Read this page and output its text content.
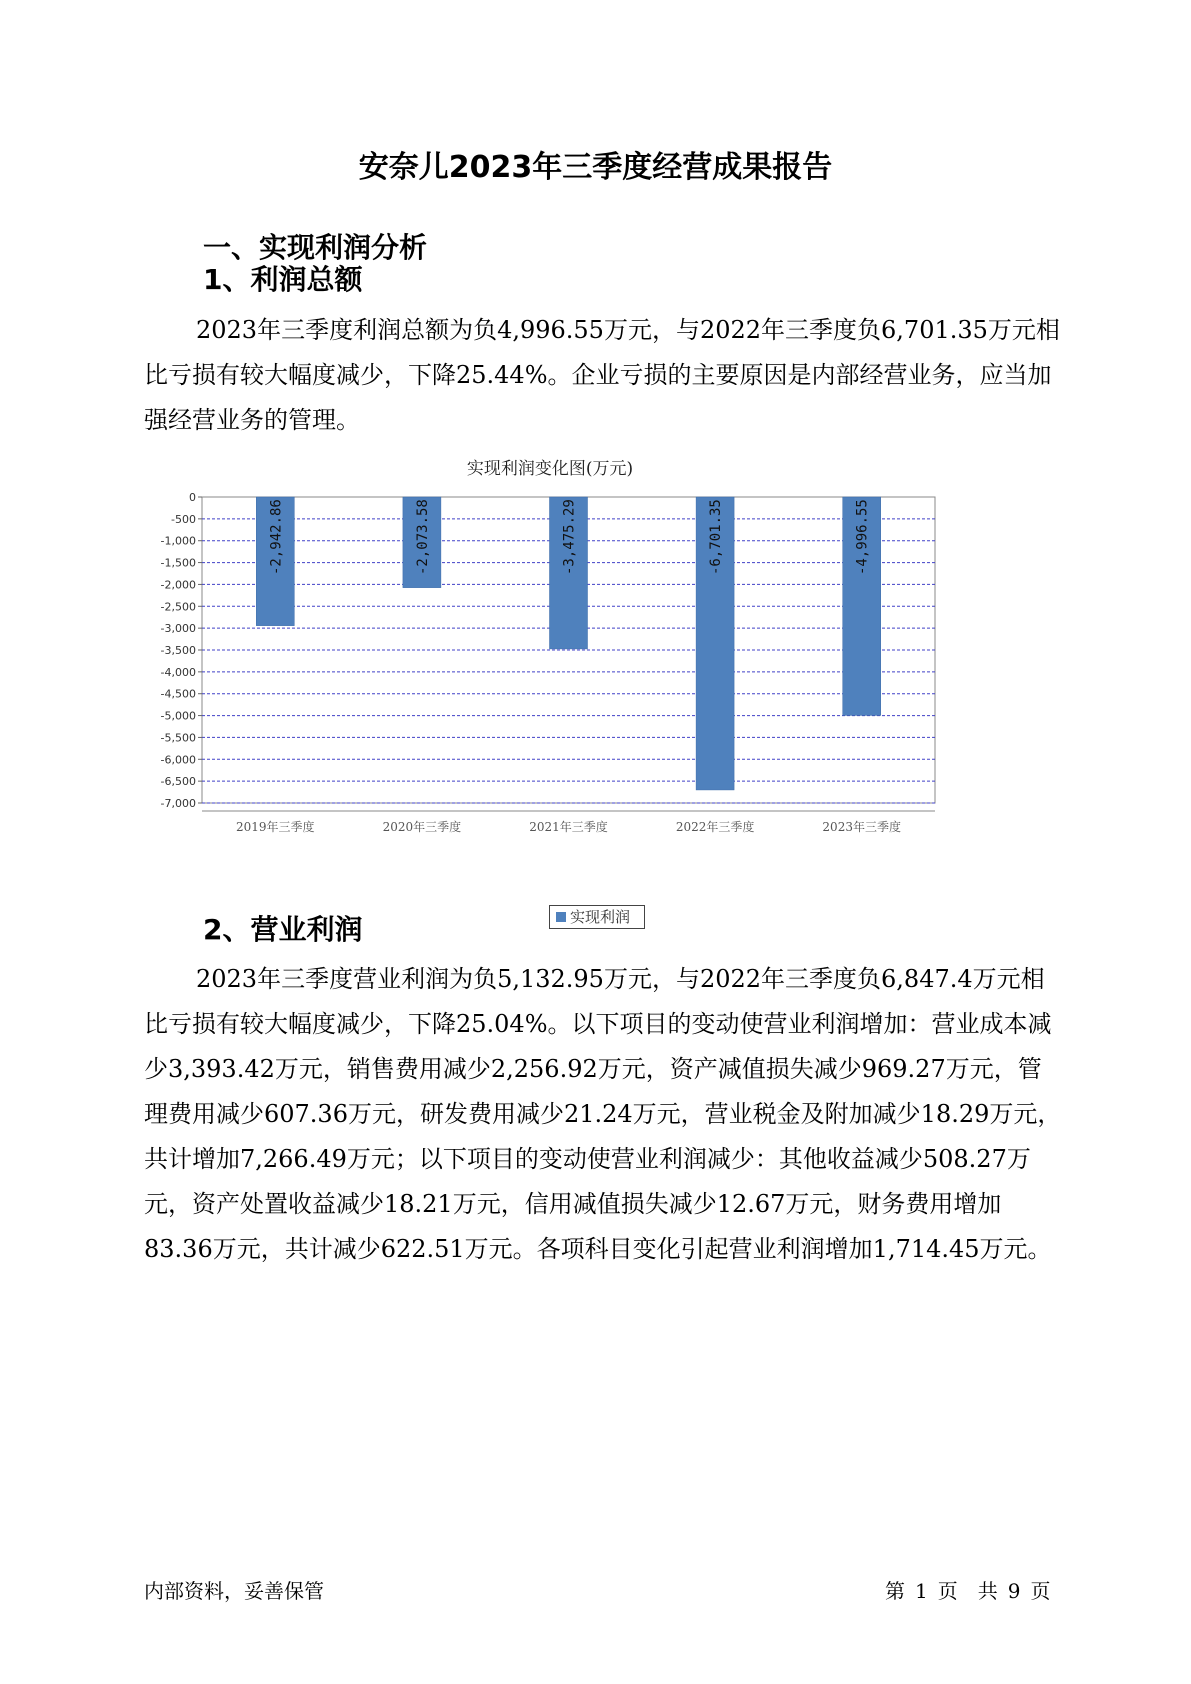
安奈儿2023年三季度经营成果报告
一、实现利润分析
1、利润总额
2023年三季度利润总额为负4,996.55万元，与2022年三季度负6,701.35万元相比亏损有较大幅度减少，下降25.44%。企业亏损的主要原因是内部经营业务，应当加强经营业务的管理。
实现利润变化图(万元)
0
-500
-1,000
-1,500
-2,000
-2,500
-3,000
-3,500
-4,000
-4,500
-5,000
-5,500
-6,000
-6,500
-7,000
-2,942.86
2019年三季度
-2,073.58
2020年三季度
-3,475.29
2021年三季度
-6,701.35
2022年三季度
-4,996.55
2023年三季度
实现利润
2、营业利润
2023年三季度营业利润为负5,132.95万元，与2022年三季度负6,847.4万元相比亏损有较大幅度减少，下降25.04%。以下项目的变动使营业利润增加：营业成本减少3,393.42万元，销售费用减少2,256.92万元，资产减值损失减少969.27万元，管理费用减少607.36万元，研发费用减少21.24万元，营业税金及附加减少18.29万元，共计增加7,266.49万元；以下项目的变动使营业利润减少：其他收益减少508.27万元，资产处置收益减少18.21万元，信用减值损失减少12.67万元，财务费用增加83.36万元，共计减少622.51万元。各项科目变化引起营业利润增加1,714.45万元。
内部资料，妥善保管	第 1 页 共 9 页
